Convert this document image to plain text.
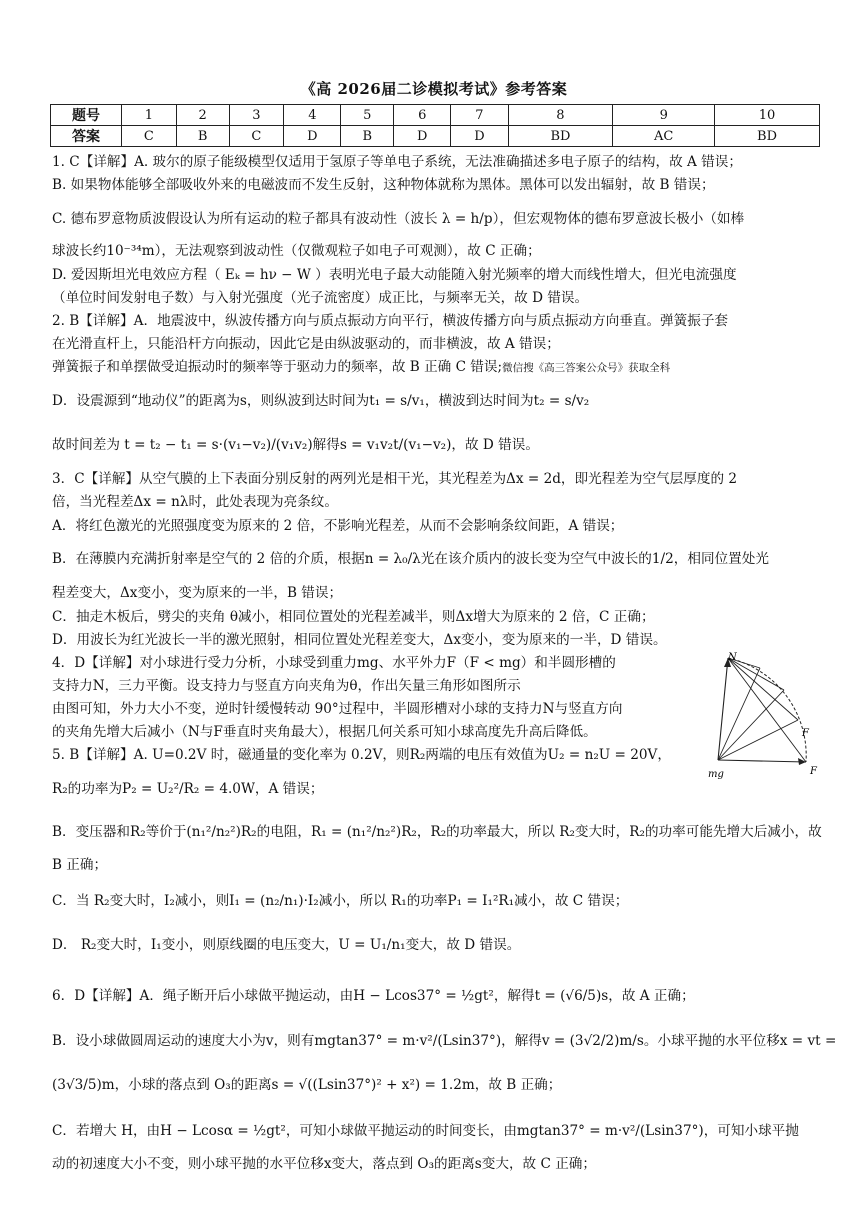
《高 2026届二诊模拟考试》参考答案
题号	1	2	3	4	5	6	7	8	9	10
答案	C	B	C	D	B	D	D	BD	AC	BD
1. C【详解】A. 玻尔的原子能级模型仅适用于氢原子等单电子系统，无法准确描述多电子原子的结构，故 A 错误；
B. 如果物体能够全部吸收外来的电磁波而不发生反射，这种物体就称为黑体。黑体可以发出辐射，故 B 错误；
C. 德布罗意物质波假设认为所有运动的粒子都具有波动性（波长 λ = h/p），但宏观物体的德布罗意波长极小（如棒
球波长约10⁻³⁴m），无法观察到波动性（仅微观粒子如电子可观测），故 C 正确；
D. 爱因斯坦光电效应方程（ Eₖ = hν − W ）表明光电子最大动能随入射光频率的增大而线性增大，但光电流强度
（单位时间发射电子数）与入射光强度（光子流密度）成正比，与频率无关，故 D 错误。
2. B【详解】A．地震波中，纵波传播方向与质点振动方向平行，横波传播方向与质点振动方向垂直。弹簧振子套
在光滑直杆上，只能沿杆方向振动，因此它是由纵波驱动的，而非横波，故 A 错误；
弹簧振子和单摆做受迫振动时的频率等于驱动力的频率，故 B 正确 C 错误;微信搜《高三答案公众号》获取全科
D．设震源到“地动仪”的距离为s，则纵波到达时间为t₁ = s/v₁，横波到达时间为t₂ = s/v₂
故时间差为 t = t₂ − t₁ = s·(v₁−v₂)/(v₁v₂)解得s = v₁v₂t/(v₁−v₂)，故 D 错误。
3．C【详解】从空气膜的上下表面分别反射的两列光是相干光，其光程差为Δx = 2d，即光程差为空气层厚度的 2
倍，当光程差Δx = nλ时，此处表现为亮条纹。
A．将红色激光的光照强度变为原来的 2 倍，不影响光程差，从而不会影响条纹间距，A 错误；
B．在薄膜内充满折射率是空气的 2 倍的介质，根据n = λ₀/λ光在该介质内的波长变为空气中波长的1/2，相同位置处光
程差变大，Δx变小，变为原来的一半，B 错误；
C．抽走木板后，劈尖的夹角 θ减小，相同位置处的光程差减半，则Δx增大为原来的 2 倍，C 正确；
D．用波长为红光波长一半的激光照射，相同位置处光程差变大，Δx变小，变为原来的一半，D 错误。
4．D【详解】对小球进行受力分析，小球受到重力mg、水平外力F（F < mg）和半圆形槽的
支持力N，三力平衡。设支持力与竖直方向夹角为θ，作出矢量三角形如图所示
由图可知，外力大小不变，逆时针缓慢转动 90°过程中，半圆形槽对小球的支持力N与竖直方向
的夹角先增大后减小（N与F垂直时夹角最大），根据几何关系可知小球高度先升高后降低。
5. B【详解】A. U=0.2V 时，磁通量的变化率为 0.2V，则R₂两端的电压有效值为U₂ = n₂U = 20V，
R₂的功率为P₂ = U₂²/R₂ = 4.0W，A 错误；
B．变压器和R₂等价于(n₁²/n₂²)R₂的电阻，R₁ = (n₁²/n₂²)R₂，R₂的功率最大，所以 R₂变大时，R₂的功率可能先增大后减小，故
B 正确；
C．当 R₂变大时，I₂减小，则I₁ = (n₂/n₁)·I₂减小，所以 R₁的功率P₁ = I₁²R₁减小，故 C 错误；
D． R₂变大时，I₁变小，则原线圈的电压变大，U = U₁/n₁变大，故 D 错误。
6．D【详解】A．绳子断开后小球做平抛运动，由H − Lcos37° = ½gt²，解得t = (√6/5)s，故 A 正确；
B．设小球做圆周运动的速度大小为v，则有mgtan37° = m·v²/(Lsin37°)，解得v = (3√2/2)m/s。小球平抛的水平位移x = vt =
(3√3/5)m，小球的落点到 O₃的距离s = √((Lsin37°)² + x²) = 1.2m，故 B 正确；
C．若增大 H，由H − Lcosα = ½gt²，可知小球做平抛运动的时间变长，由mgtan37° = m·v²/(Lsin37°)，可知小球平抛
动的初速度大小不变，则小球平抛的水平位移x变大，落点到 O₃的距离s变大，故 C 正确；
N
F
F
mg
